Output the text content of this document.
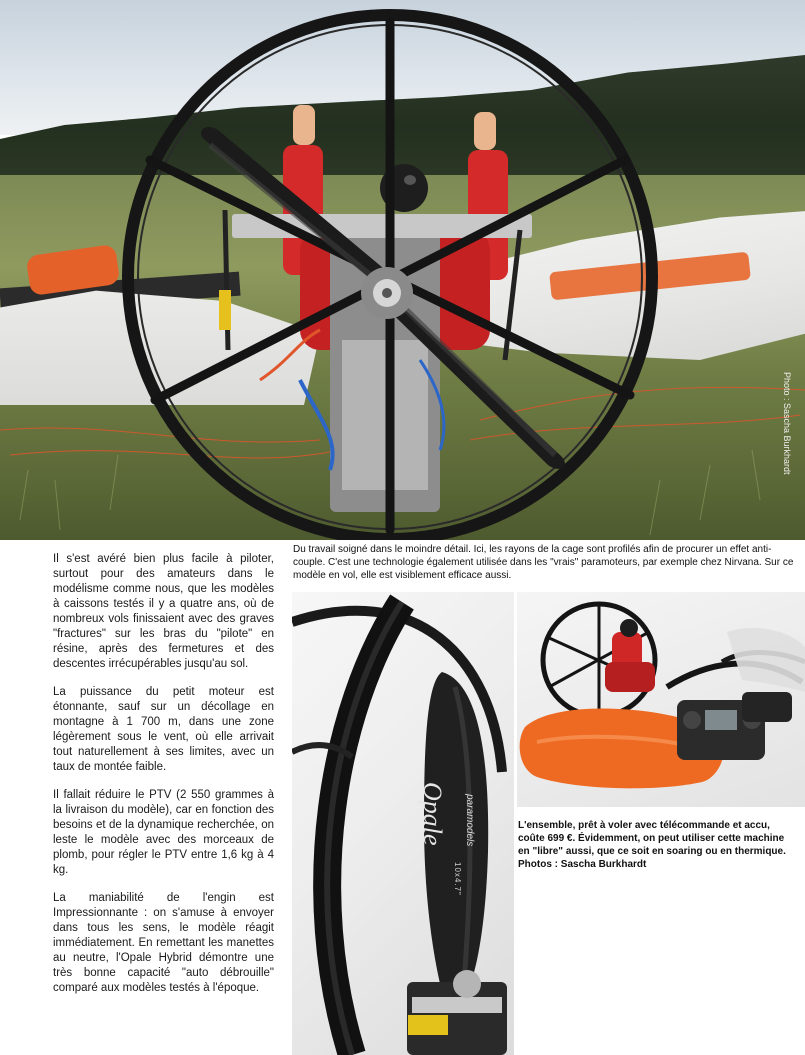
Photo : Sascha Burkhardt

Il s'est avéré bien plus facile à piloter, surtout pour des amateurs dans le modélisme comme nous, que les modèles à caissons testés il y a quatre ans, où de nombreux vols finissaient avec des graves "fractures" sur les bras du "pilote" en résine, après des fermetures et des descentes irrécupérables jusqu'au sol.

La puissance du petit moteur est étonnante, sauf sur un décollage en montagne à 1 700 m, dans une zone légèrement sous le vent, où elle arrivait tout naturellement à ses limites, avec un taux de montée faible.

Il fallait réduire le PTV (2 550 grammes à la livraison du modèle), car en fonction des besoins et de la dynamique recherchée, on leste le modèle avec des morceaux de plomb, pour régler le PTV entre 1,6 kg à 4 kg.

La maniabilité de l'engin est Impressionnante : on s'amuse à envoyer dans tous les sens, le modèle réagit immédiatement. En remettant les manettes au neutre, l'Opale Hybrid démontre une très bonne capacité "auto débrouille" comparé aux modèles testés à l'époque.

Du travail soigné dans le moindre détail. Ici, les rayons de la cage sont profilés afin de procurer un effet anti-couple. C'est une technologie également utilisée dans les "vrais" paramoteurs, par exemple chez Nirvana. Sur ce modèle en vol, elle est visiblement efficace aussi.
L'ensemble, prêt à voler avec télécommande et accu, coûte 699 €. Évidemment, on peut utiliser cette machine en "libre" aussi, que ce soit en soaring ou en thermique. Photos : Sascha Burkhardt
Opale paramodels
10x4.7"
